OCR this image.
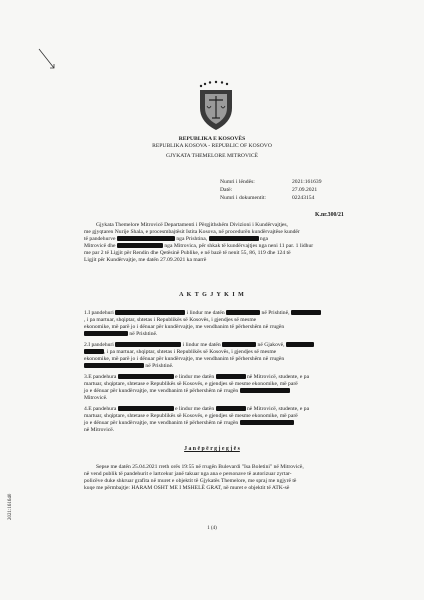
REPUBLIKA E KOSOVËS
REPUBLIKA KOSOVA - REPUBLIC OF KOSOVO
GJYKATA THEMELORE MITROVICË
Numri i lëndës:	2021:161639
Datë:	27.09.2021
Numri i dokumentit:	02243154
K.nr.300/21
Gjykata Themelore Mitrovicë Departamenti i Përgjithshëm Divizioni i Kundërvajtjes,
me gjyqtaren Nurije Shala, e procesmbajtësit Istita Kosova, në procedurën kundërvajtëse kundër
të pandehurve	nga Prishtina,	nga
Mitrovicë dhe	nga Mitrovica, për shkak të kundërvajtjes nga neni 11 par. 1 lidhur
me par 2 të Ligjit për Rendin dhe Qetësinë Publike, e në bazë të nenit 55, 86, 119 dhe 124 të
Ligjit për Kundërvajtje, me datën 27.09.2021 ka marrë
A K T G J Y K I M
1.I pandehuri	i lindur me datën	në Prishtinë,
, i pa martuar, shqiptar, shtetas i Republikës së Kosovës, i gjendjes së mesme
ekonomike, më parë jo i dënuar për kundërvajtje, me vendbanim të përhershëm në rrugën
në Prishtinë.
2.I pandehuri	i lindur me datën	në Gjakovë,
, i pa martuar, shqiptar, shtetas i Republikës së Kosovës, i gjendjes së mesme
ekonomike, më parë jo i dënuar për kundërvajtje, me vendbanim të përhershëm në rrugën
në Prishtinë.
3.E pandehura	e lindur me datën	në Mitrovicë, studente, e pa
martuar, shqiptare, shtetase e Republikës së Kosovës, e gjendjes së mesme ekonomike, më parë
jo e dënuar për kundërvajtje, me vendbanim të përhershëm në rrugën
Mitrovicë.
4.E pandehura	e lindur me datën	në Mitrovicë, studente, e pa
martuar, shqiptare, shtetase e Republikës së Kosovës, e gjendjes së mesme ekonomike, më parë
jo e dënuar për kundërvajtje, me vendbanim të përhershëm në rrugën
në Mitrovicë.
J a n ë p ë r g j e g j ë s
Sepse me datën 25.04.2021 rreth orës 19:55 në rrugën Bulevardi "Isa Boletini" në Mitrovicë,
në vend publik të pandehurit e lartcekur janë takuar nga ana e personave të autorizuar zyrtar-
policëve duke shkruar grafita në muret e objektit të Gjykatës Themelore, me spraj me ngjyrë të
kuqe me përmbajtje: HARAM OSHT ME I MSHELË GRAT, në muret e objektit të ATK-së
1 (4)
2021:161640
